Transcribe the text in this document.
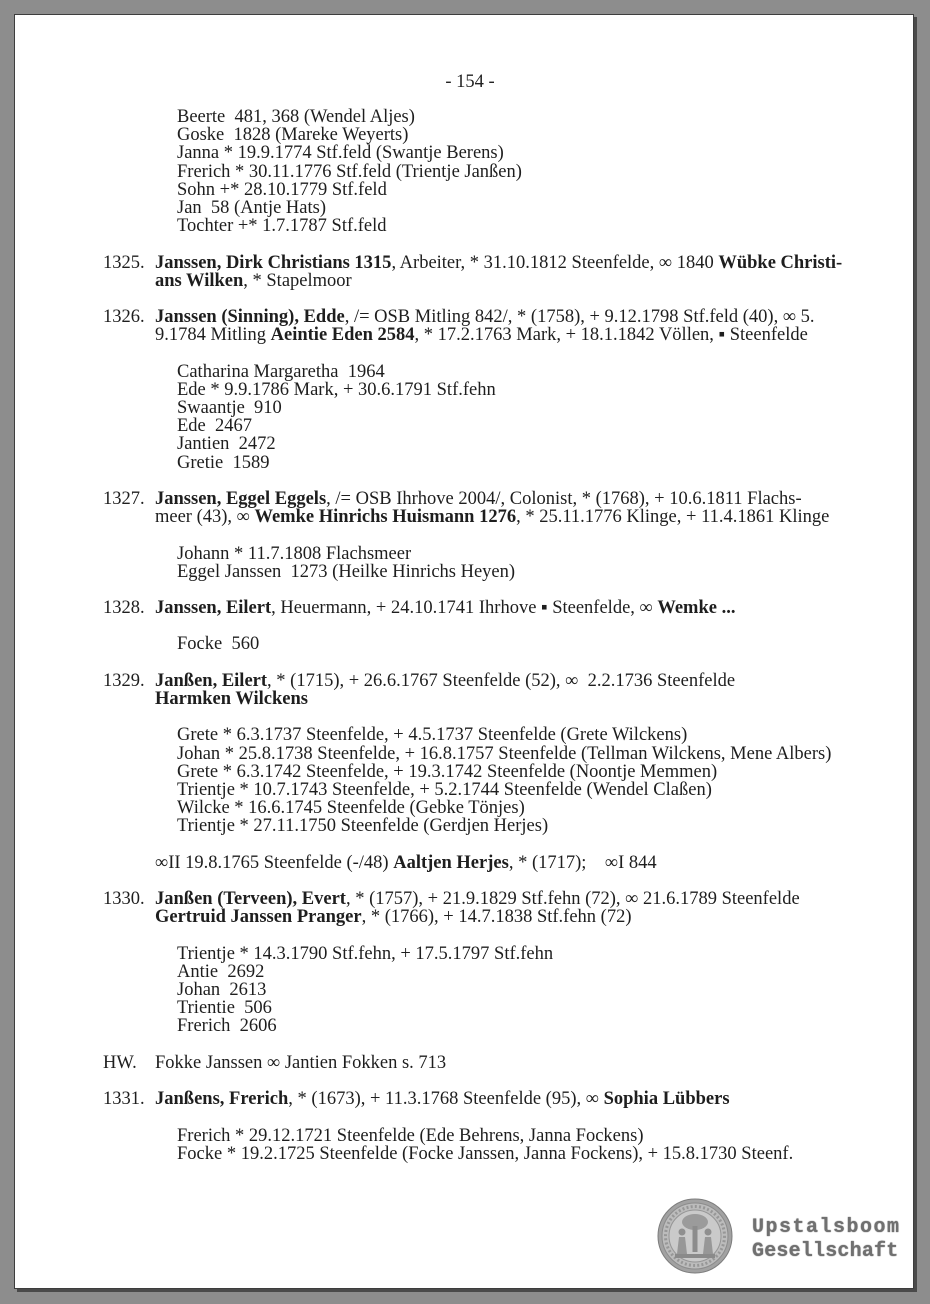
- 154 -
Beerte  481, 368 (Wendel Aljes)
Goske  1828 (Mareke Weyerts)
Janna * 19.9.1774 Stf.feld (Swantje Berens)
Frerich * 30.11.1776 Stf.feld (Trientje Janßen)
Sohn +* 28.10.1779 Stf.feld
Jan  58 (Antje Hats)
Tochter +* 1.7.1787 Stf.feld
1325. Janssen, Dirk Christians 1315, Arbeiter, * 31.10.1812 Steenfelde, ∞ 1840 Wübke Christi-
ans Wilken, * Stapelmoor
1326. Janssen (Sinning), Edde, /= OSB Mitling 842/, * (1758), + 9.12.1798 Stf.feld (40), ∞ 5.
9.1784 Mitling Aeintie Eden 2584, * 17.2.1763 Mark, + 18.1.1842 Völlen, ▪ Steenfelde
Catharina Margaretha  1964
Ede * 9.9.1786 Mark, + 30.6.1791 Stf.fehn
Swaantje  910
Ede  2467
Jantien  2472
Gretie  1589
1327. Janssen, Eggel Eggels, /= OSB Ihrhove 2004/, Colonist, * (1768), + 10.6.1811 Flachs-
meer (43), ∞ Wemke Hinrichs Huismann 1276, * 25.11.1776 Klinge, + 11.4.1861 Klinge
Johann * 11.7.1808 Flachsmeer
Eggel Janssen  1273 (Heilke Hinrichs Heyen)
1328. Janssen, Eilert, Heuermann, + 24.10.1741 Ihrhove ▪ Steenfelde, ∞ Wemke ...
Focke  560
1329. Janßen, Eilert, * (1715), + 26.6.1767 Steenfelde (52), ∞  2.2.1736 Steenfelde
Harmken Wilckens
Grete * 6.3.1737 Steenfelde, + 4.5.1737 Steenfelde (Grete Wilckens)
Johan * 25.8.1738 Steenfelde, + 16.8.1757 Steenfelde (Tellman Wilckens, Mene Albers)
Grete * 6.3.1742 Steenfelde, + 19.3.1742 Steenfelde (Noontje Memmen)
Trientje * 10.7.1743 Steenfelde, + 5.2.1744 Steenfelde (Wendel Claßen)
Wilcke * 16.6.1745 Steenfelde (Gebke Tönjes)
Trientje * 27.11.1750 Steenfelde (Gerdjen Herjes)
∞II 19.8.1765 Steenfelde (-/48) Aaltjen Herjes, * (1717);    ∞I 844
1330. Janßen (Terveen), Evert, * (1757), + 21.9.1829 Stf.fehn (72), ∞ 21.6.1789 Steenfelde
Gertruid Janssen Pranger, * (1766), + 14.7.1838 Stf.fehn (72)
Trientje * 14.3.1790 Stf.fehn, + 17.5.1797 Stf.fehn
Antie  2692
Johan  2613
Trientie  506
Frerich  2606
HW. Fokke Janssen ∞ Jantien Fokken s. 713
1331. Janßens, Frerich, * (1673), + 11.3.1768 Steenfelde (95), ∞ Sophia Lübbers
Frerich * 29.12.1721 Steenfelde (Ede Behrens, Janna Fockens)
Focke * 19.2.1725 Steenfelde (Focke Janssen, Janna Fockens), + 15.8.1730 Steenf.
Upstalsboom
Gesellschaft
